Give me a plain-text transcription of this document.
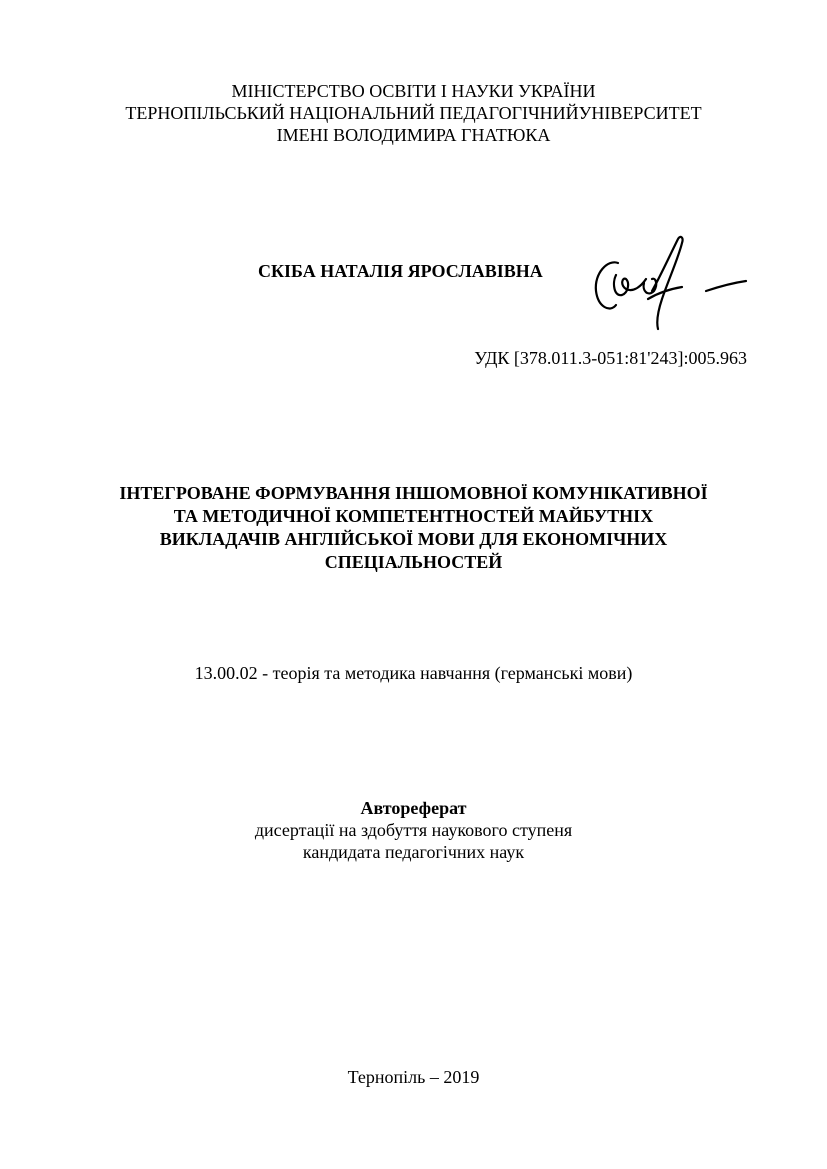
МІНІСТЕРСТВО ОСВІТИ І НАУКИ УКРАЇНИ
ТЕРНОПІЛЬСЬКИЙ НАЦІОНАЛЬНИЙ ПЕДАГОГІЧНИЙУНІВЕРСИТЕТ
ІМЕНІ ВОЛОДИМИРА ГНАТЮКА
СКІБА НАТАЛІЯ ЯРОСЛАВІВНА
УДК [378.011.3-051:81'243]:005.963
ІНТЕГРОВАНЕ ФОРМУВАННЯ ІНШОМОВНОЇ КОМУНІКАТИВНОЇ
ТА МЕТОДИЧНОЇ КОМПЕТЕНТНОСТЕЙ МАЙБУТНІХ
ВИКЛАДАЧІВ АНГЛІЙСЬКОЇ МОВИ ДЛЯ ЕКОНОМІЧНИХ
СПЕЦІАЛЬНОСТЕЙ
13.00.02 - теорія та методика навчання (германські мови)
Автореферат
дисертації на здобуття наукового ступеня
кандидата педагогічних наук
Тернопіль – 2019
